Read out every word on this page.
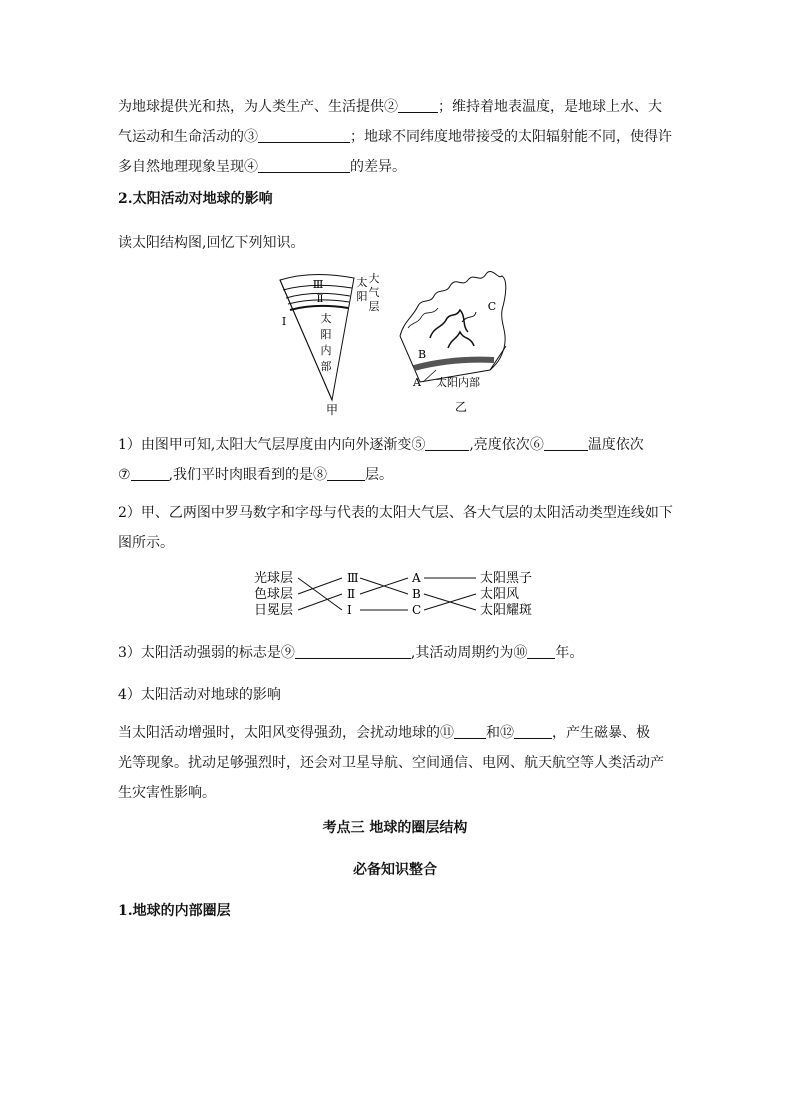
为地球提供光和热，为人类生产、生活提供②	；维持着地表温度，是地球上水、大
气运动和生命活动的③	；地球不同纬度地带接受的太阳辐射能不同，使得许
多自然地理现象呈现④	的差异。

2.太阳活动对地球的影响

读太阳结构图,回忆下列知识。

Ⅲ
Ⅱ
Ⅰ	太
阳
内
部
太
阳
大
气
层
甲
C
B
A 太阳内部
乙

1）由图甲可知,太阳大气层厚度由内向外逐渐变⑤	,亮度依次⑥	温度依次
⑦	,我们平时肉眼看到的是⑧	层。

2）甲、乙两图中罗马数字和字母与代表的太阳大气层、各大气层的太阳活动类型连线如下
图所示。

光球层
色球层
日冕层
Ⅲ
Ⅱ
Ⅰ
A
B
C
太阳黑子
太阳风
太阳耀斑

3）太阳活动强弱的标志是⑨	,其活动周期约为⑩ 年。

4）太阳活动对地球的影响

当太阳活动增强时，太阳风变得强劲，会扰动地球的⑪ 和⑫	，产生磁暴、极
光等现象。扰动足够强烈时，还会对卫星导航、空间通信、电网、航天航空等人类活动产
生灾害性影响。

考点三 地球的圈层结构
必备知识整合

1.地球的内部圈层
